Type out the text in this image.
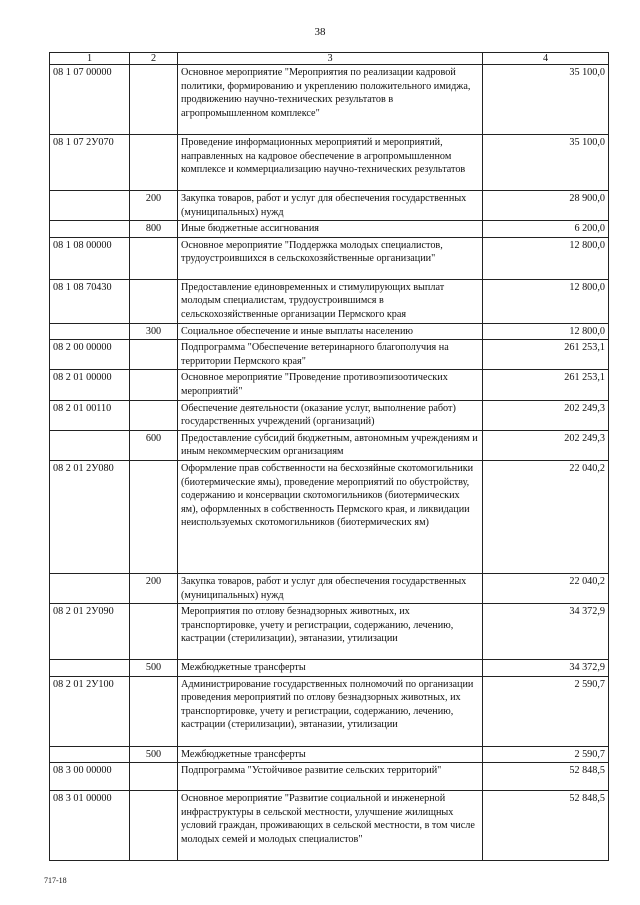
38
1	2	3	4
08 1 07 00000		Основное мероприятие "Мероприятия по реализации кадровой политики, формированию и укреплению положительного имиджа, продвижению научно-технических результатов в агропромышленном комплексе"	35 100,0
08 1 07 2У070		Проведение информационных мероприятий и мероприятий, направленных на кадровое обеспечение в агропромышленном комплексе и коммерциализацию научно-технических результатов	35 100,0
	200	Закупка товаров, работ и услуг для обеспечения государственных (муниципальных) нужд	28 900,0
	800	Иные бюджетные ассигнования	6 200,0
08 1 08 00000		Основное мероприятие "Поддержка молодых специалистов, трудоустроившихся в сельскохозяйственные организации"	12 800,0
08 1 08 70430		Предоставление единовременных и стимулирующих выплат молодым специалистам, трудоустроившимся в сельскохозяйственные организации Пермского края	12 800,0
	300	Социальное обеспечение и иные выплаты населению	12 800,0
08 2 00 00000		Подпрограмма "Обеспечение ветеринарного благополучия на территории Пермского края"	261 253,1
08 2 01 00000		Основное мероприятие "Проведение противоэпизоотических мероприятий"	261 253,1
08 2 01 00110		Обеспечение деятельности (оказание услуг, выполнение работ) государственных учреждений (организаций)	202 249,3
	600	Предоставление субсидий бюджетным, автономным учреждениям и иным некоммерческим организациям	202 249,3
08 2 01 2У080		Оформление прав собственности на бесхозяйные скотомогильники (биотермические ямы), проведение мероприятий по обустройству, содержанию и консервации скотомогильников (биотермических ям), оформленных в собственность Пермского края, и ликвидации неиспользуемых скотомогильников (биотермических ям)	22 040,2
	200	Закупка товаров, работ и услуг для обеспечения государственных (муниципальных) нужд	22 040,2
08 2 01 2У090		Мероприятия по отлову безнадзорных животных, их транспортировке, учету и регистрации, содержанию, лечению, кастрации (стерилизации), эвтаназии, утилизации	34 372,9
	500	Межбюджетные трансферты	34 372,9
08 2 01 2У100		Администрирование государственных полномочий по организации проведения мероприятий по отлову безнадзорных животных, их транспортировке, учету и регистрации, содержанию, лечению, кастрации (стерилизации), эвтаназии, утилизации	2 590,7
	500	Межбюджетные трансферты	2 590,7
08 3 00 00000		Подпрограмма "Устойчивое развитие сельских территорий"	52 848,5
08 3 01 00000		Основное мероприятие "Развитие социальной и инженерной инфраструктуры в сельской местности, улучшение жилищных условий граждан, проживающих в сельской местности, в том числе молодых семей и молодых специалистов"	52 848,5
717-18
